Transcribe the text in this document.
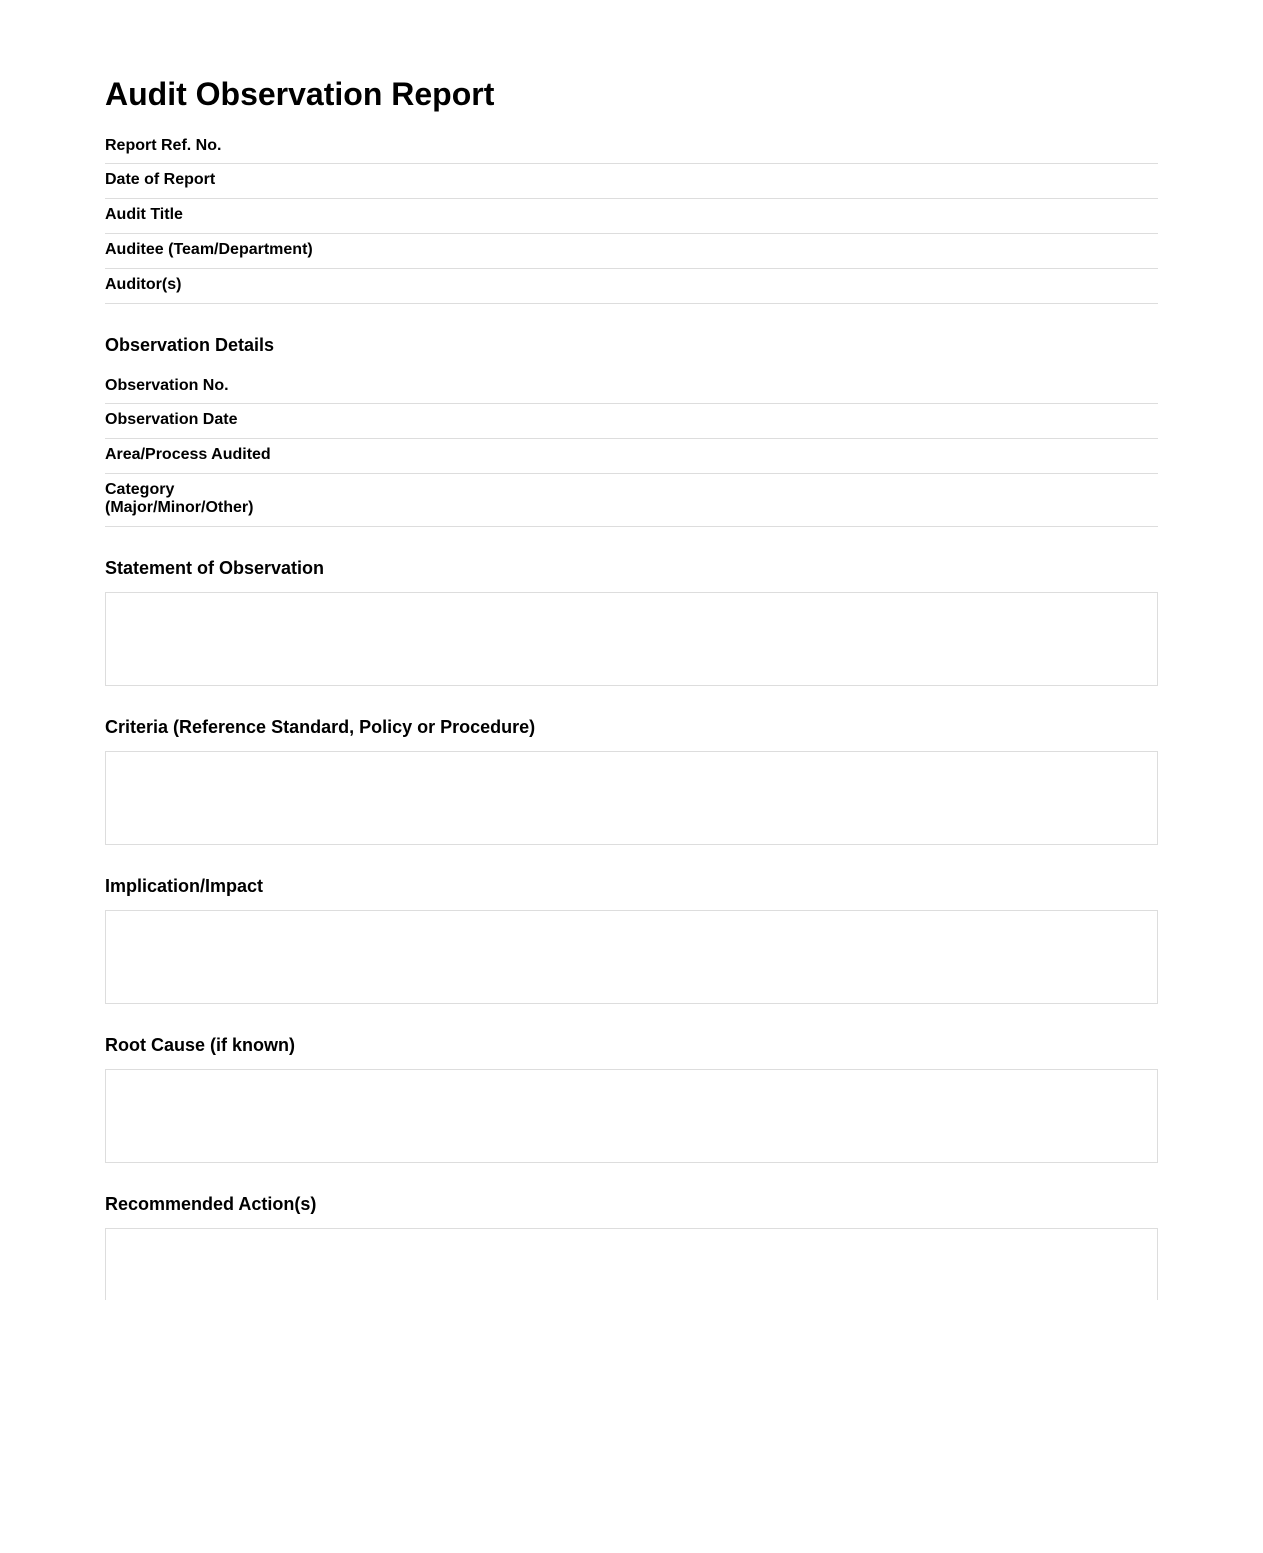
Audit Observation Report
Report Ref. No.
Date of Report
Audit Title
Auditee (Team/Department)
Auditor(s)
Observation Details
Observation No.
Observation Date
Area/Process Audited
Category
(Major/Minor/Other)
Statement of Observation
Criteria (Reference Standard, Policy or Procedure)
Implication/Impact
Root Cause (if known)
Recommended Action(s)
